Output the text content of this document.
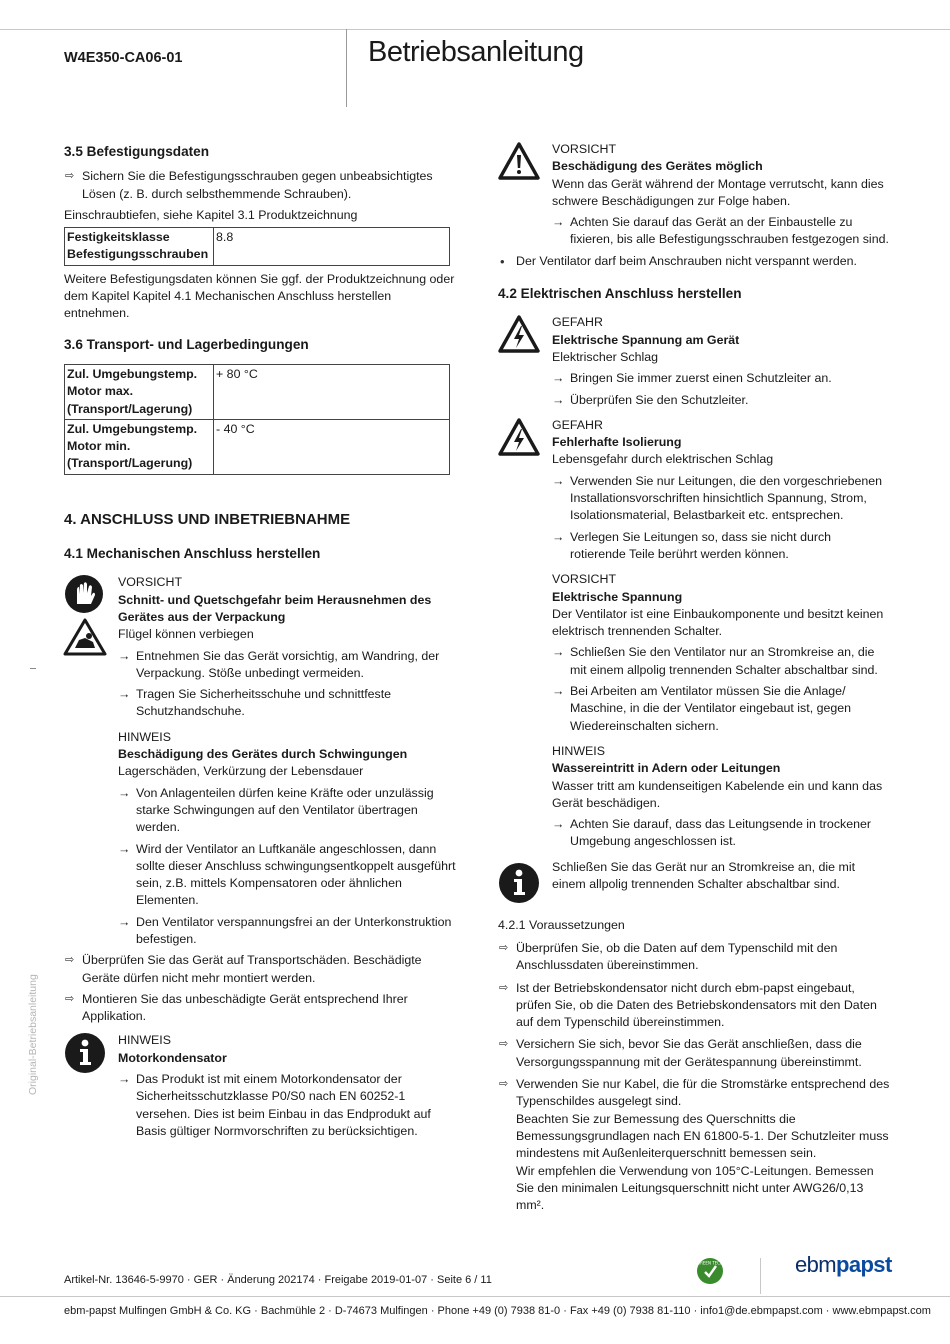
W4E350-CA06-01	Betriebsanleitung
Original-Betriebsanleitung
3.5 Befestigungsdaten
⇨ Sichern Sie die Befestigungsschrauben gegen unbeabsichtigtes Lösen (z. B. durch selbsthemmende Schrauben).

Einschraubtiefen, siehe Kapitel 3.1 Produktzeichnung

Festigkeitsklasse Befestigungsschrauben	8.8

Weitere Befestigungsdaten können Sie ggf. der Produktzeichnung oder dem Kapitel Kapitel 4.1 Mechanischen Anschluss herstellen entnehmen.

3.6 Transport- und Lagerbedingungen
Zul. Umgebungstemp. Motor max. (Transport/Lagerung)	+ 80 °C
Zul. Umgebungstemp. Motor min. (Transport/Lagerung)	- 40 °C
4. ANSCHLUSS UND INBETRIEBNAHME
4.1 Mechanischen Anschluss herstellen
VORSICHT
Schnitt- und Quetschgefahr beim Herausnehmen des Gerätes aus der Verpackung
Flügel können verbiegen
→ Entnehmen Sie das Gerät vorsichtig, am Wandring, der Verpackung. Stöße unbedingt vermeiden.
→ Tragen Sie Sicherheitsschuhe und schnittfeste Schutzhandschuhe.
HINWEIS
Beschädigung des Gerätes durch Schwingungen
Lagerschäden, Verkürzung der Lebensdauer
→ Von Anlagenteilen dürfen keine Kräfte oder unzulässig starke Schwingungen auf den Ventilator übertragen werden.
→ Wird der Ventilator an Luftkanäle angeschlossen, dann sollte dieser Anschluss schwingungsentkoppelt ausgeführt sein, z.B. mittels Kompensatoren oder ähnlichen Elementen.
→ Den Ventilator verspannungsfrei an der Unterkonstruktion befestigen.
⇨ Überprüfen Sie das Gerät auf Transportschäden. Beschädigte Geräte dürfen nicht mehr montiert werden.
⇨ Montieren Sie das unbeschädigte Gerät entsprechend Ihrer Applikation.
HINWEIS
Motorkondensator
→ Das Produkt ist mit einem Motorkondensator der Sicherheitsschutzklasse P0/S0 nach EN 60252-1 versehen. Dies ist beim Einbau in das Endprodukt auf Basis gültiger Normvorschriften zu berücksichtigen.
VORSICHT
Beschädigung des Gerätes möglich
Wenn das Gerät während der Montage verrutscht, kann dies schwere Beschädigungen zur Folge haben.
→ Achten Sie darauf das Gerät an der Einbaustelle zu fixieren, bis alle Befestigungsschrauben festgezogen sind.
• Der Ventilator darf beim Anschrauben nicht verspannt werden.
4.2 Elektrischen Anschluss herstellen
GEFAHR
Elektrische Spannung am Gerät
Elektrischer Schlag
→ Bringen Sie immer zuerst einen Schutzleiter an.
→ Überprüfen Sie den Schutzleiter.
GEFAHR
Fehlerhafte Isolierung
Lebensgefahr durch elektrischen Schlag
→ Verwenden Sie nur Leitungen, die den vorgeschriebenen Installationsvorschriften hinsichtlich Spannung, Strom, Isolationsmaterial, Belastbarkeit etc. entsprechen.
→ Verlegen Sie Leitungen so, dass sie nicht durch rotierende Teile berührt werden können.
VORSICHT
Elektrische Spannung
Der Ventilator ist eine Einbaukomponente und besitzt keinen elektrisch trennenden Schalter.
→ Schließen Sie den Ventilator nur an Stromkreise an, die mit einem allpolig trennenden Schalter abschaltbar sind.
→ Bei Arbeiten am Ventilator müssen Sie die Anlage/ Maschine, in die der Ventilator eingebaut ist, gegen Wiedereinschalten sichern.
HINWEIS
Wassereintritt in Adern oder Leitungen
Wasser tritt am kundenseitigen Kabelende ein und kann das Gerät beschädigen.
→ Achten Sie darauf, dass das Leitungsende in trockener Umgebung angeschlossen ist.
Schließen Sie das Gerät nur an Stromkreise an, die mit einem allpolig trennenden Schalter abschaltbar sind.
4.2.1 Voraussetzungen
⇨ Überprüfen Sie, ob die Daten auf dem Typenschild mit den Anschlussdaten übereinstimmen.
⇨ Ist der Betriebskondensator nicht durch ebm-papst eingebaut, prüfen Sie, ob die Daten des Betriebskondensators mit den Daten auf dem Typenschild übereinstimmen.
⇨ Versichern Sie sich, bevor Sie das Gerät anschließen, dass die Versorgungsspannung mit der Gerätespannung übereinstimmt.
⇨ Verwenden Sie nur Kabel, die für die Stromstärke entsprechend des Typenschildes ausgelegt sind.
Beachten Sie zur Bemessung des Querschnitts die Bemessungsgrundlagen nach EN 61800-5-1. Der Schutzleiter muss mindestens mit Außenleiterquerschnitt bemessen sein.
Wir empfehlen die Verwendung von 105°C-Leitungen. Bemessen Sie den minimalen Leitungsquerschnitt nicht unter AWG26/0,13 mm².
Artikel-Nr. 13646-5-9970 · GER · Änderung 202174 · Freigabe 2019-01-07 · Seite 6 / 11
GREEN TECH	ebmpapst
ebm-papst Mulfingen GmbH & Co. KG · Bachmühle 2 · D-74673 Mulfingen · Phone +49 (0) 7938 81-0 · Fax +49 (0) 7938 81-110 · info1@de.ebmpapst.com · www.ebmpapst.com
